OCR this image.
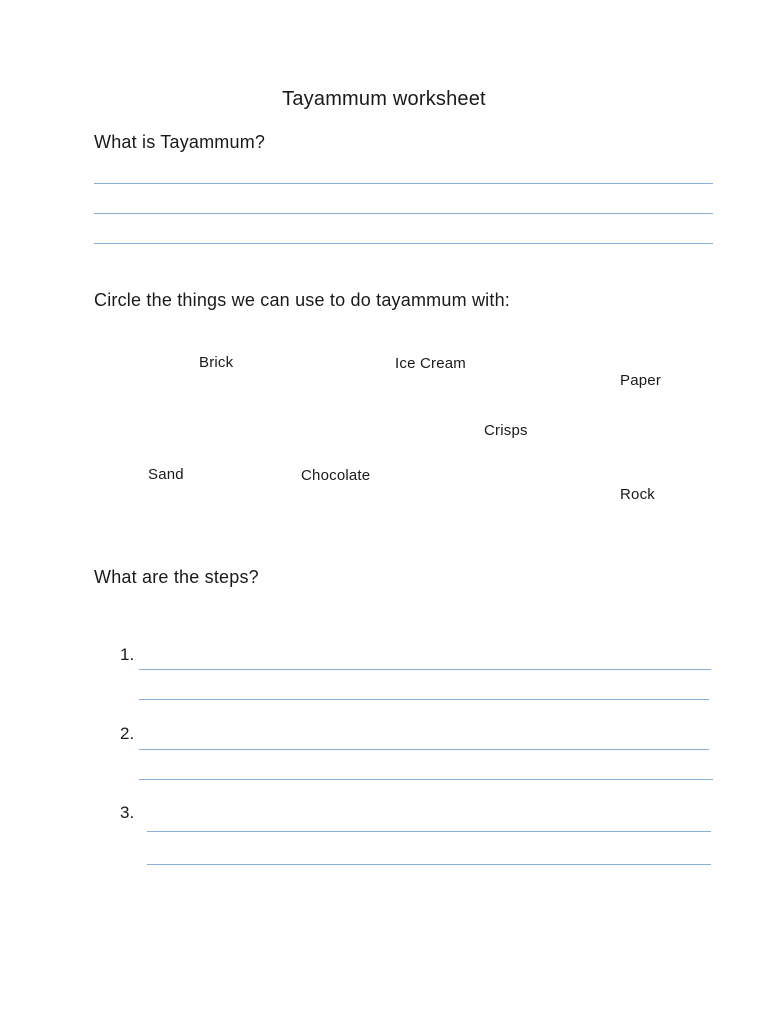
Tayammum worksheet
What is Tayammum?
Circle the things we can use to do tayammum with:
Brick	Ice Cream
Paper
Crisps
Sand	Chocolate
Rock
What are the steps?
1.
2.
3.
